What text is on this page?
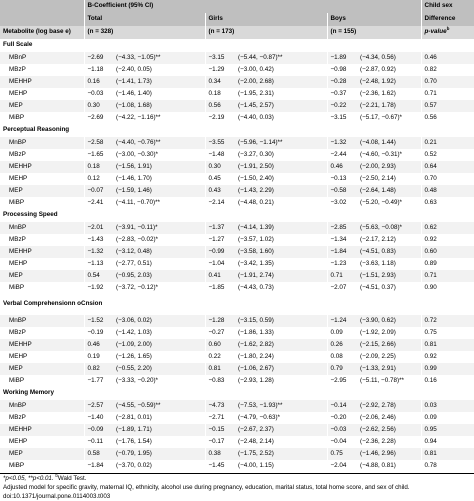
	B-Coefficient (95% CI)						Child sex
	Total		Girls		Boys		Difference
Metabolite (log base e)	(n = 328)		(n = 173)		(n = 155)		p-value$^b$
Full Scale							
MBnP	−2.69	(−4.33, −1.05)**	−3.15	(−5.44, −0.87)**	−1.89	(−4.34, 0.56)	0.46
MBzP	−1.18	(−2.40, 0.05)	−1.29	(−3.00, 0.42)	−0.98	(−2.87, 0.92)	0.82
MEHHP	0.16	(−1.41, 1.73)	0.34	(−2.00, 2.68)	−0.28	(−2.48, 1.92)	0.70
MEHP	−0.03	(−1.46, 1.40)	0.18	(−1.95, 2.31)	−0.37	(−2.36, 1.62)	0.71
MEP	0.30	(−1.08, 1.68)	0.56	(−1.45, 2.57)	−0.22	(−2.21, 1.78)	0.57
MiBP	−2.69	(−4.22, −1.16)**	−2.19	(−4.40, 0.03)	−3.15	(−5.17, −0.67)*	0.56
Perceptual Reasoning							
MnBP	−2.58	(−4.40, −0.76)**	−3.55	(−5.96, −1.14)**	−1.32	(−4.08, 1.44)	0.21
MBzP	−1.65	(−3.00, −0.30)*	−1.48	(−3.27, 0.30)	−2.44	(−4.60, −0.31)*	0.52
MEHHP	0.18	(−1.56, 1.91)	0.30	(−1.91, 2.50)	0.46	(−2.00, 2.93)	0.64
MEHP	0.12	(−1.46, 1.70)	0.45	(−1.50, 2.40)	−0.13	(−2.50, 2.14)	0.70
MEP	−0.07	(−1.59, 1.46)	0.43	(−1.43, 2.29)	−0.58	(−2.64, 1.48)	0.48
MiBP	−2.41	(−4.11, −0.70)**	−2.14	(−4.48, 0.21)	−3.02	(−5.20, −0.49)*	0.63
Processing Speed							
MnBP	−2.01	(−3.91, −0.11)*	−1.37	(−4.14, 1.39)	−2.85	(−5.63, −0.08)*	0.62
MBzP	−1.43	(−2.83, −0.02)*	−1.27	(−3.57, 1.02)	−1.34	(−2.17, 2.12)	0.92
MEHHP	−1.32	(−3.12, 0.48)	−0.99	(−3.58, 1.60)	−1.84	(−4.51, 0.83)	0.60
MEHP	−1.13	(−2.77, 0.51)	−1.04	(−3.42, 1.35)	−1.23	(−3.63, 1.18)	0.89
MEP	0.54	(−0.95, 2.03)	0.41	(−1.91, 2.74)	0.71	(−1.51, 2.93)	0.71
MiBP	−1.92	(−3.72, −0.12)*	−1.85	(−4.43, 0.73)	−2.07	(−4.51, 0.37)	0.90
Verbal Comprehensionn oCnsion							
MnBP	−1.52	(−3.06, 0.02)	−1.28	(−3.15, 0.59)	−1.24	(−3.90, 0.62)	0.72
MBzP	−0.19	(−1.42, 1.03)	−0.27	(−1.86, 1.33)	0.09	(−1.92, 2.09)	0.75
MEHHP	0.46	(−1.09, 2.00)	0.60	(−1.62, 2.82)	0.26	(−2.15, 2.66)	0.81
MEHP	0.19	(−1.26, 1.65)	0.22	(−1.80, 2.24)	0.08	(−2.09, 2.25)	0.92
MEP	0.82	(−0.55, 2.20)	0.81	(−1.06, 2.67)	0.79	(−1.33, 2.91)	0.99
MiBP	−1.77	(−3.33, −0.20)*	−0.83	(−2.93, 1.28)	−2.95	(−5.11, −0.78)**	0.16
Working Memory							
MnBP	−2.57	(−4.55, −0.59)**	−4.73	(−7.53, −1.93)**	−0.14	(−2.92, 2.78)	0.03
MBzP	−1.40	(−2.81, 0.01)	−2.71	(−4.79, −0.63)*	−0.20	(−2.06, 2.46)	0.09
MEHHP	−0.09	(−1.89, 1.71)	−0.15	(−2.67, 2.37)	−0.03	(−2.62, 2.56)	0.95
MEHP	−0.11	(−1.76, 1.54)	−0.17	(−2.48, 2.14)	−0.04	(−2.36, 2.28)	0.94
MEP	0.58	(−0.79, 1.95)	0.38	(−1.75, 2.52)	0.75	(−1.46, 2.96)	0.81
MiBP	−1.84	(−3.70, 0.02)	−1.45	(−4.00, 1.15)	−2.04	(−4.88, 0.81)	0.78
*p<0.05, **p<0.01. $^b$Wald Test.
Adjusted model for specific gravity, maternal IQ, ethnicity, alcohol use during pregnancy, education, marital status, total home score, and sex of child.
doi:10.1371/journal.pone.0114003.t003
